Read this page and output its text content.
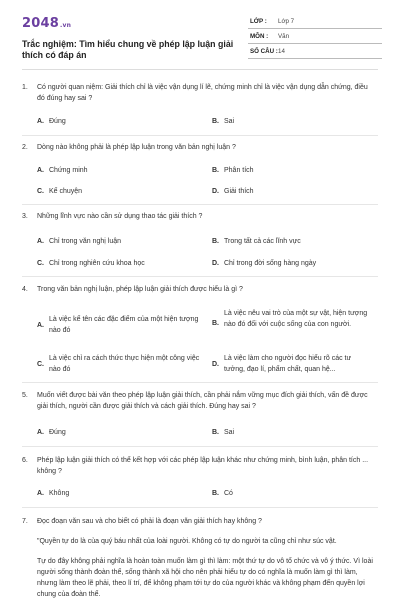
2048.vn
Trắc nghiệm: Tìm hiểu chung về phép lập luận giải thích có đáp án
LỚP : Lớp 7
MÔN : Văn
SỐ CÂU : 14
1. Có người quan niệm: Giải thích chỉ là việc vận dụng lí lẽ, chứng minh chỉ là việc vận dụng dẫn chứng, điều đó đúng hay sai ?
A. Đúng	B. Sai
2. Dòng nào không phải là phép lập luận trong văn bản nghị luận ?
A. Chứng minh	B. Phân tích
C. Kể chuyện	D. Giải thích
3. Những lĩnh vực nào cần sử dụng thao tác giải thích ?
A. Chỉ trong văn nghị luận	B. Trong tất cả các lĩnh vực
C. Chỉ trong nghiên cứu khoa học	D. Chỉ trong đời sống hàng ngày
4. Trong văn bản nghị luận, phép lập luận giải thích được hiểu là gì ?
A.
Là việc kể tên các đặc điểm của một hiện tượng nào đó
B.
Là việc nêu vai trò của một sự vật, hiện tượng nào đó đối với cuộc sống của con người.
C.
Là việc chỉ ra cách thức thực hiện một công việc nào đó
D.
Là việc làm cho người đọc hiểu rõ các tư tưởng, đạo lí, phẩm chất, quan hệ...
5. Muốn viết được bài văn theo phép lập luận giải thích, cần phải nắm vững mục đích giải thích, vấn đề được giải thích, người cần được giải thích và cách giải thích. Đúng hay sai ?
A. Đúng	B. Sai
6. Phép lập luận giải thích có thể kết hợp với các phép lập luận khác như chứng minh, bình luận, phân tích ... không ?
A. Không	B. Có
7. Đọc đoạn văn sau và cho biết có phải là đoạn văn giải thích hay không ?
"Quyền tự do là của quý báu nhất của loài người. Không có tự do người ta cũng chỉ như súc vật.
Tự do đây không phải nghĩa là hoàn toàn muốn làm gì thì làm: một thứ tự do vô tổ chức và vô ý thức. Vì loài người sống thành đoàn thể, sống thành xã hội cho nên phải hiểu tự do có nghĩa là muốn làm gì thì làm, nhưng làm theo lẽ phải, theo lí trí, để không phạm tới tự do của người khác và không phạm đến quyền lợi chung của đoàn thể.
